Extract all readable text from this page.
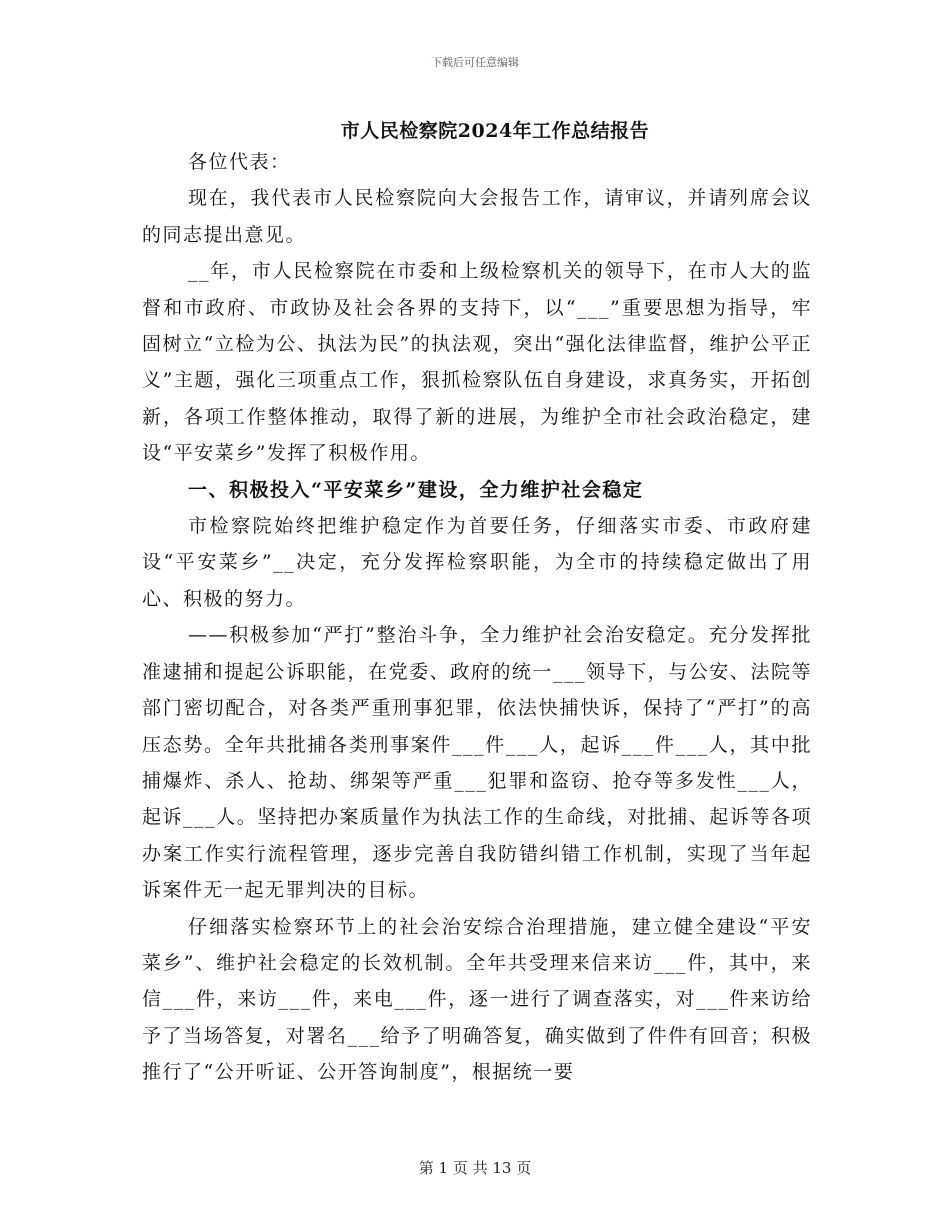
下载后可任意编辑
市人民检察院2024年工作总结报告

各位代表：

现在，我代表市人民检察院向大会报告工作，请审议，并请列席会议的同志提出意见。

__年，市人民检察院在市委和上级检察机关的领导下，在市人大的监督和市政府、市政协及社会各界的支持下，以“___”重要思想为指导，牢固树立“立检为公、执法为民”的执法观，突出“强化法律监督，维护公平正义”主题，强化三项重点工作，狠抓检察队伍自身建设，求真务实，开拓创新，各项工作整体推动，取得了新的进展，为维护全市社会政治稳定，建设“平安菜乡”发挥了积极作用。

一、积极投入“平安菜乡”建设，全力维护社会稳定

市检察院始终把维护稳定作为首要任务，仔细落实市委、市政府建设“平安菜乡”__决定，充分发挥检察职能，为全市的持续稳定做出了用心、积极的努力。

——积极参加“严打”整治斗争，全力维护社会治安稳定。充分发挥批准逮捕和提起公诉职能，在党委、政府的统一___领导下，与公安、法院等部门密切配合，对各类严重刑事犯罪，依法快捕快诉，保持了“严打”的高压态势。全年共批捕各类刑事案件___件___人，起诉___件___人，其中批捕爆炸、杀人、抢劫、绑架等严重___犯罪和盗窃、抢夺等多发性___人，起诉___人。坚持把办案质量作为执法工作的生命线，对批捕、起诉等各项办案工作实行流程管理，逐步完善自我防错纠错工作机制，实现了当年起诉案件无一起无罪判决的目标。

仔细落实检察环节上的社会治安综合治理措施，建立健全建设“平安菜乡”、维护社会稳定的长效机制。全年共受理来信来访___件，其中，来信___件，来访___件，来电___件，逐一进行了调查落实，对___件来访给予了当场答复，对署名___给予了明确答复，确实做到了件件有回音；积极推行了“公开听证、公开答询制度”，根据统一要

第 1 页 共 13 页
